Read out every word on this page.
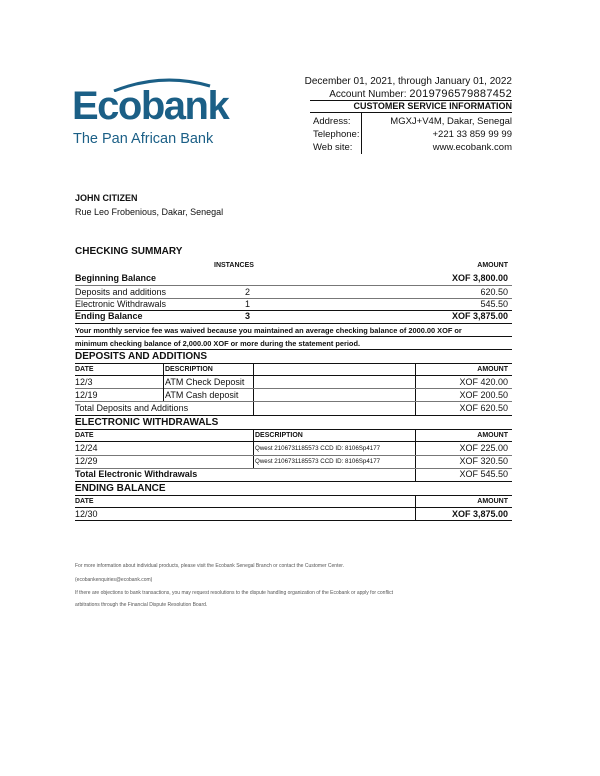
Ecobank
The Pan African Bank
December 01, 2021, through January 01, 2022
Account Number: 2019796579887452
CUSTOMER SERVICE INFORMATION
Address:	MGXJ+V4M, Dakar, Senegal
Telephone:	+221 33 859 99 99
Web site:	www.ecobank.com
JOHN CITIZEN
Rue Leo Frobenious, Dakar, Senegal
CHECKING SUMMARY
INSTANCES	AMOUNT
Beginning Balance	XOF 3,800.00
Deposits and additions	2	620.50
Electronic Withdrawals	1	545.50
Ending Balance	3	XOF 3,875.00
Your monthly service fee was waived because you maintained an average checking balance of 2000.00 XOF or
minimum checking balance of 2,000.00 XOF or more during the statement period.
DEPOSITS AND ADDITIONS
DATE	DESCRIPTION	AMOUNT
12/3	ATM Check Deposit	XOF 420.00
12/19	ATM Cash deposit	XOF 200.50
Total Deposits and Additions	XOF 620.50
ELECTRONIC WITHDRAWALS
DATE	DESCRIPTION	AMOUNT
12/24	Qwest 2106731185573 CCD ID: 8106Sp4177	XOF 225.00
12/29	Qwest 2106731185573 CCD ID: 8106Sp4177	XOF 320.50
Total Electronic Withdrawals	XOF 545.50
ENDING BALANCE
DATE	AMOUNT
12/30	XOF 3,875.00
For more information about individual products, please visit the Ecobank Senegal Branch or contact the Customer Center.
(ecobankenquiries@ecobank.com)
If there are objections to bank transactions, you may request resolutions to the dispute handling organization of the Ecobank or apply for conflict
arbitrations through the Financial Dispute Resolution Board.
